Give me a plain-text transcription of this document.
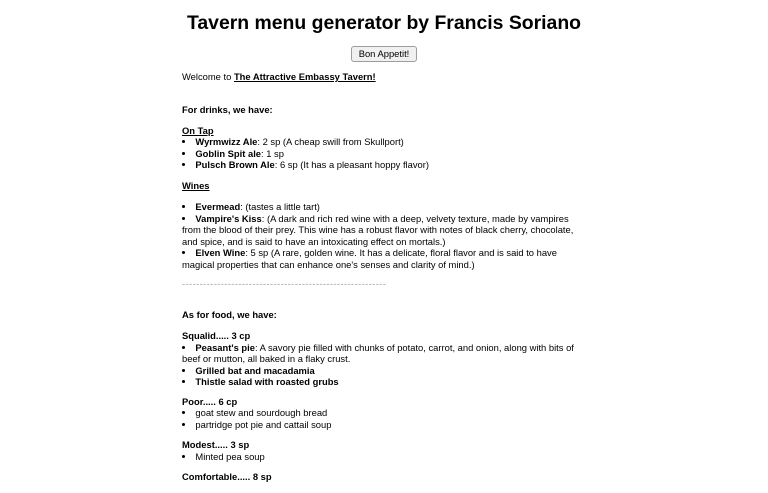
Tavern menu generator by Francis Soriano
Bon Appetit!

Welcome to The Attractive Embassy Tavern!

For drinks, we have:

On Tap

• Wyrmwizz Ale: 2 sp (A cheap swill from Skullport)
• Goblin Spit ale: 1 sp
• Pulsch Brown Ale: 6 sp (It has a pleasant hoppy flavor)

Wines

• Evermead: (tastes a little tart)
• Vampire's Kiss: (A dark and rich red wine with a deep, velvety texture, made by vampires from the blood of their prey. This wine has a robust flavor with notes of black cherry, chocolate, and spice, and is said to have an intoxicating effect on mortals.)
• Elven Wine: 5 sp (A rare, golden wine. It has a delicate, floral flavor and is said to have magical properties that can enhance one's senses and clarity of mind.)

----------------------------------------------------------

As for food, we have:

Squalid..... 3 cp

• Peasant's pie: A savory pie filled with chunks of potato, carrot, and onion, along with bits of beef or mutton, all baked in a flaky crust.
• Grilled bat and macadamia
• Thistle salad with roasted grubs

Poor..... 6 cp

• goat stew and sourdough bread
• partridge pot pie and cattail soup

Modest..... 3 sp

• Minted pea soup

Comfortable..... 8 sp
